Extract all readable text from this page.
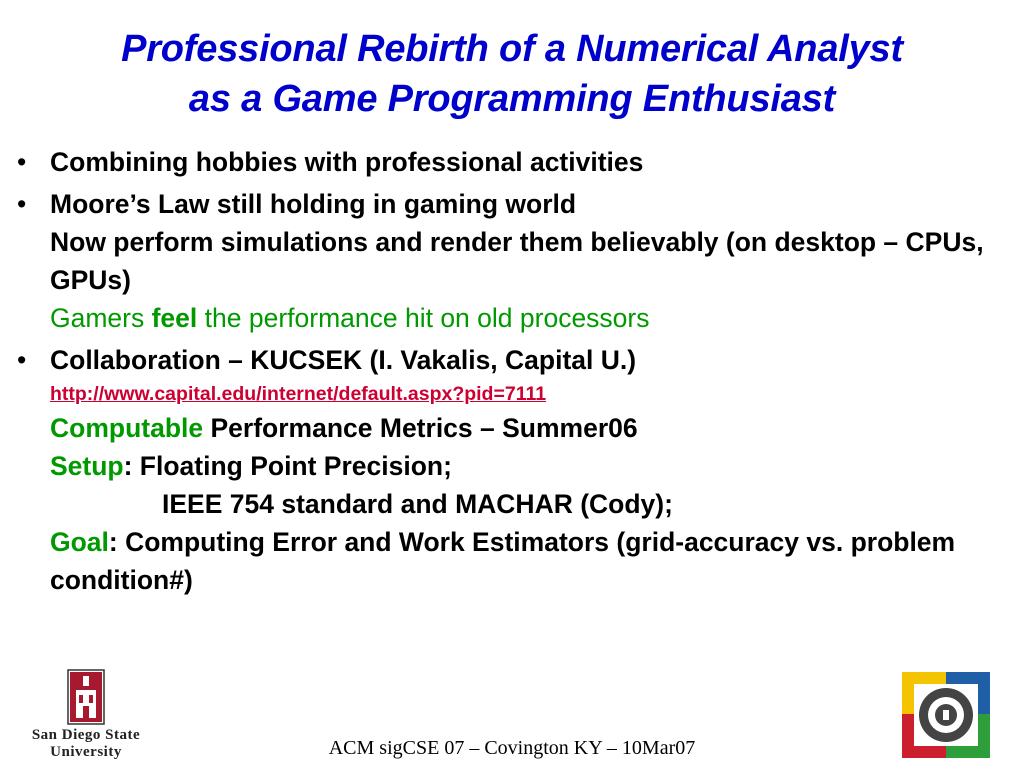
Professional Rebirth of a Numerical Analyst
as a Game Programming Enthusiast
• Combining hobbies with professional activities
• Moore’s Law still holding in gaming world
Now perform simulations and render them believably (on desktop – CPUs, GPUs)
Gamers feel the performance hit on old processors
• Collaboration – KUCSEK (I. Vakalis, Capital U.)
http://www.capital.edu/internet/default.aspx?pid=7111
Computable Performance Metrics – Summer06
Setup: Floating Point Precision;
IEEE 754 standard and MACHAR (Cody);
Goal: Computing Error and Work Estimators (grid-accuracy vs. problem condition#)
San Diego State
University	ACM sigCSE 07 – Covington KY – 10Mar07
